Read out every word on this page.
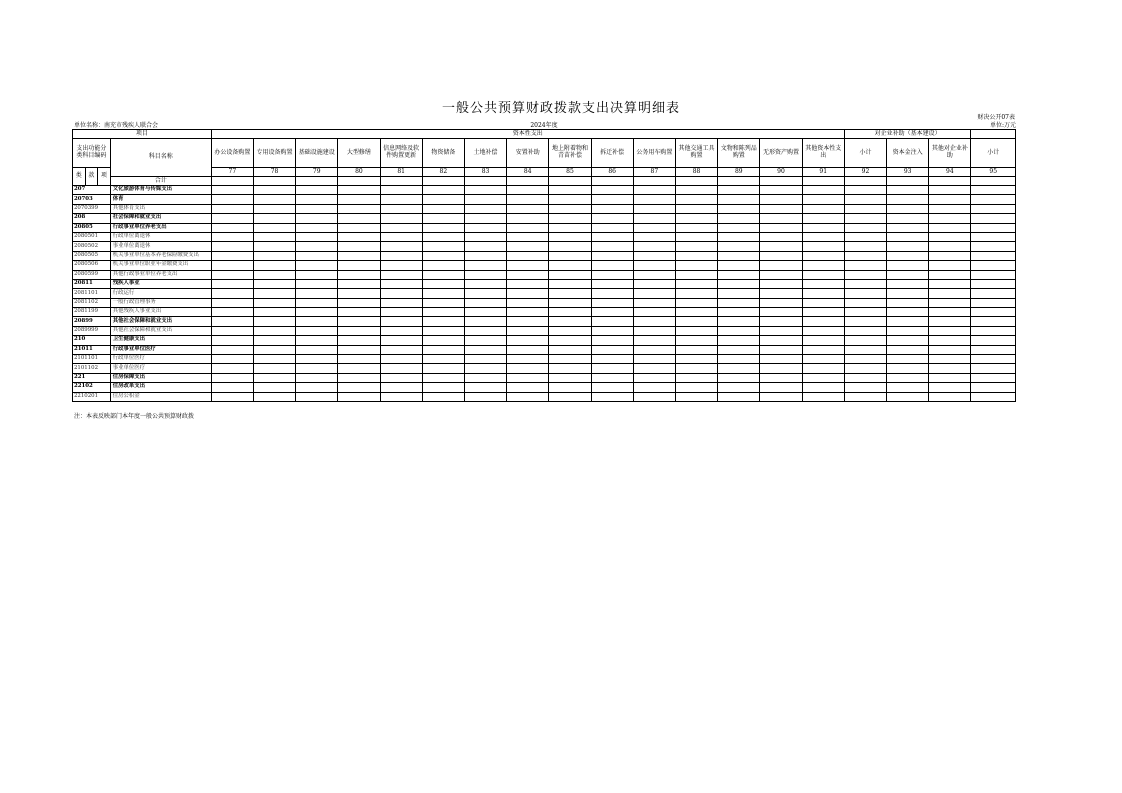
一般公共预算财政拨款支出决算明细表
财决公开07表
单位名称：南充市残疾人联合会	2024年度	单位:万元
项目				资本性支出															对企业补助（基本建设）			
支出功能分类科目编码			科目名称	办公设备购置	专用设备购置	基础设施建设	大型修缮	信息网络及软件购置更新	物资储备	土地补偿	安置补助	地上附着物和青苗补偿	拆迁补偿	公务用车购置	其他交通工具购置	文物和陈列品购置	无形资产购置	其他资本性支出	小计	资本金注入	其他对企业补助	小计
类	款	项		77	78	79	80	81	82	83	84	85	86	87	88	89	90	91	92	93	94	95
			合计																			
207			文化旅游体育与传媒支出																			
20703			体育																			
2070399			其他体育支出																			
208			社会保障和就业支出																			
20805			行政事业单位养老支出																			
2080501			行政单位离退休																			
2080502			事业单位离退休																			
2080505			机关事业单位基本养老保险缴费支出																			
2080506			机关事业单位职业年金缴费支出																			
2080599			其他行政事业单位养老支出																			
20811			残疾人事业																			
2081101			行政运行																			
2081102			一般行政管理事务																			
2081199			其他残疾人事业支出																			
20899			其他社会保障和就业支出																			
2089999			其他社会保障和就业支出																			
210			卫生健康支出																			
21011			行政事业单位医疗																			
2101101			行政单位医疗																			
2101102			事业单位医疗																			
221			住房保障支出																			
22102			住房改革支出																			
2210201			住房公积金																			
注：本表反映部门本年度一般公共预算财政拨
